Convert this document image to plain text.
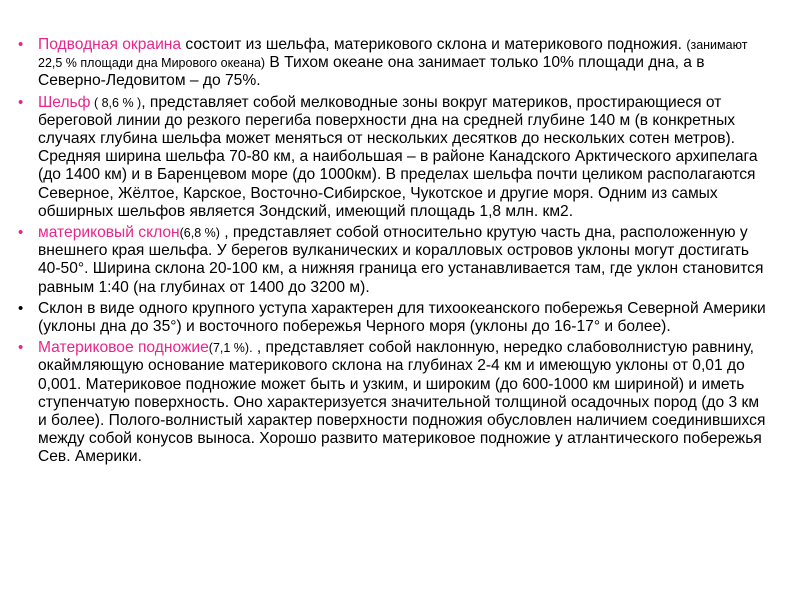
• Подводная окраина состоит из шельфа, материкового склона и материкового подножия. (занимают 22,5 % площади дна Мирового океана) В Тихом океане она занимает только 10% площади дна, а в Северно-Ледовитом – до 75%.
• Шельф ( 8,6 % ), представляет собой мелководные зоны вокруг материков, простирающиеся от береговой линии до резкого перегиба поверхности дна на средней глубине 140 м (в конкретных случаях глубина шельфа может меняться от нескольких десятков до нескольких сотен метров). Средняя ширина шельфа 70-80 км, а наибольшая – в районе Канадского Арктического архипелага (до 1400 км) и в Баренцевом море (до 1000км). В пределах шельфа почти целиком располагаются Северное, Жёлтое, Карское, Восточно-Сибирское, Чукотское и другие моря. Одним из самых обширных шельфов является Зондский, имеющий площадь 1,8 млн. км2.
• материковый склон(6,8 %) , представляет собой относительно крутую часть дна, расположенную у внешнего края шельфа. У берегов вулканических и коралловых островов уклоны могут достигать 40-50°. Ширина склона 20-100 км, а нижняя граница его устанавливается там, где уклон становится равным 1:40 (на глубинах от 1400 до 3200 м).
• Склон в виде одного крупного уступа характерен для тихоокеанского побережья Северной Америки (уклоны дна до 35°) и восточного побережья Черного моря (уклоны до 16-17° и более).
• Материковое подножие(7,1 %). , представляет собой наклонную, нередко слабоволнистую равнину, окаймляющую основание материкового склона на глубинах 2-4 км и имеющую уклоны от 0,01 до 0,001. Материковое подножие может быть и узким, и широким (до 600-1000 км шириной) и иметь ступенчатую поверхность. Оно характеризуется значительной толщиной осадочных пород (до 3 км и более). Полого-волнистый характер поверхности подножия обусловлен наличием соединившихся между собой конусов выноса. Хорошо развито материковое подножие у атлантического побережья Сев. Америки.
